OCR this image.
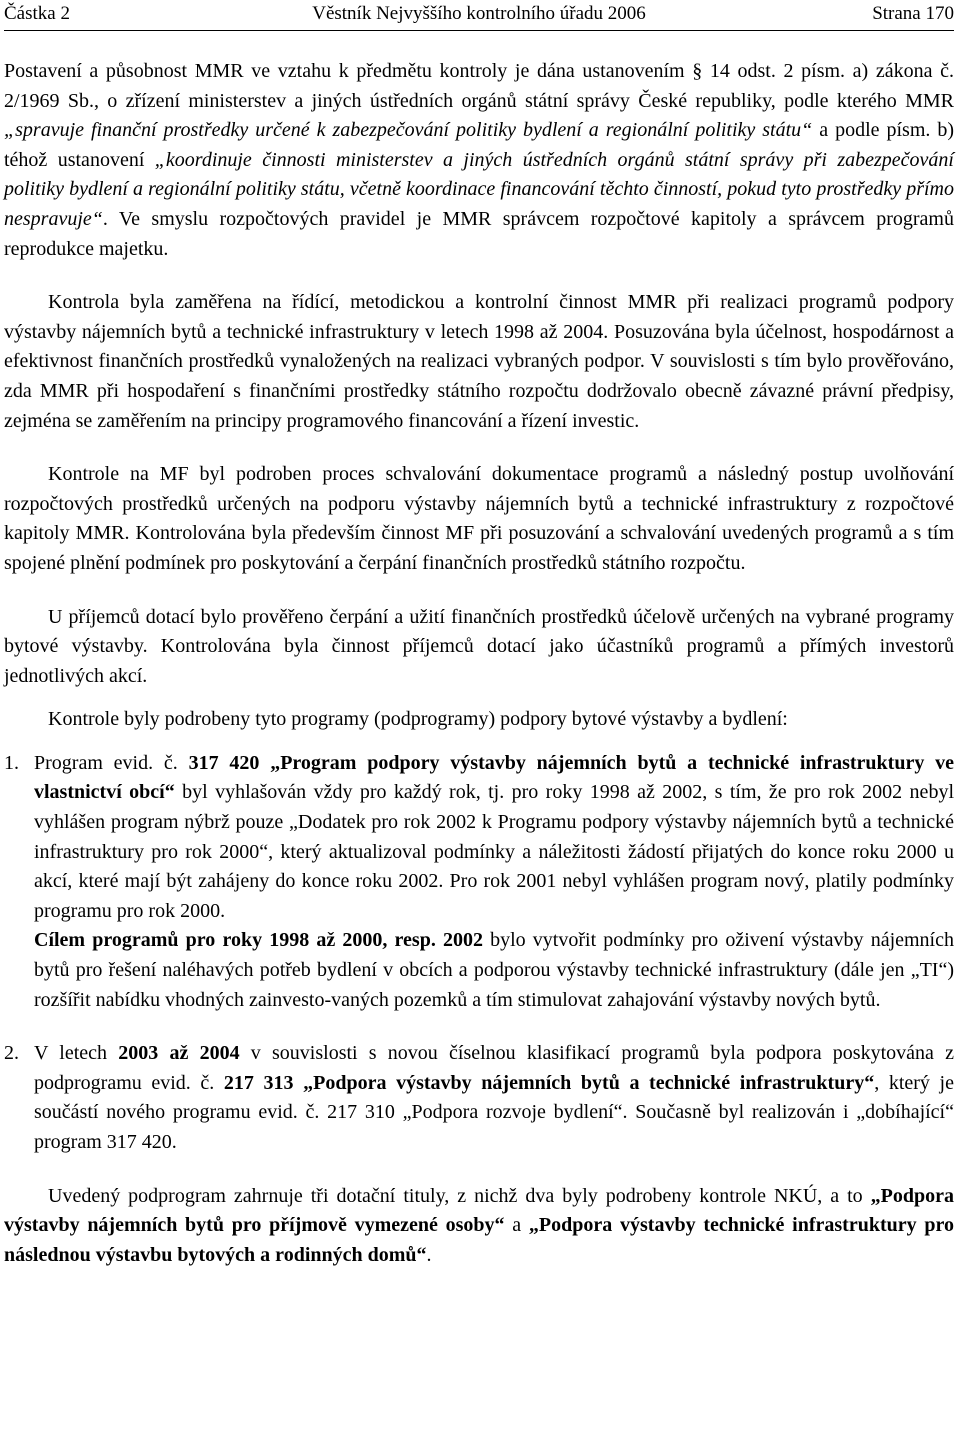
Částka 2	Věstník Nejvyššího kontrolního úřadu 2006	Strana 170

Postavení a působnost MMR ve vztahu k předmětu kontroly je dána ustanovením § 14 odst. 2 písm. a) zákona č. 2/1969 Sb., o zřízení ministerstev a jiných ústředních orgánů státní správy České republiky, podle kterého MMR „spravuje finanční prostředky určené k zabezpečování politiky bydlení a regionální politiky státu“ a podle písm. b) téhož ustanovení „koordinuje činnosti ministerstev a jiných ústředních orgánů státní správy při zabezpečování politiky bydlení a regionální politiky státu, včetně koordinace financování těchto činností, pokud tyto prostředky přímo nespravuje“. Ve smyslu rozpočtových pravidel je MMR správcem rozpočtové kapitoly a správcem programů reprodukce majetku.

Kontrola byla zaměřena na řídící, metodickou a kontrolní činnost MMR při realizaci programů podpory výstavby nájemních bytů a technické infrastruktury v letech 1998 až 2004. Posuzována byla účelnost, hospodárnost a efektivnost finančních prostředků vynaložených na realizaci vybraných podpor. V souvislosti s tím bylo prověřováno, zda MMR při hospodaření s finančními prostředky státního rozpočtu dodržovalo obecně závazné právní předpisy, zejména se zaměřením na principy programového financování a řízení investic.

Kontrole na MF byl podroben proces schvalování dokumentace programů a následný postup uvolňování rozpočtových prostředků určených na podporu výstavby nájemních bytů a technické infrastruktury z rozpočtové kapitoly MMR. Kontrolována byla především činnost MF při posuzování a schvalování uvedených programů a s tím spojené plnění podmínek pro poskytování a čerpání finančních prostředků státního rozpočtu.

U příjemců dotací bylo prověřeno čerpání a užití finančních prostředků účelově určených na vybrané programy bytové výstavby. Kontrolována byla činnost příjemců dotací jako účastníků programů a přímých investorů jednotlivých akcí.

Kontrole byly podrobeny tyto programy (podprogramy) podpory bytové výstavby a bydlení:

1. Program evid. č. 317 420 „Program podpory výstavby nájemních bytů a technické infrastruktury ve vlastnictví obcí“ byl vyhlašován vždy pro každý rok, tj. pro roky 1998 až 2002, s tím, že pro rok 2002 nebyl vyhlášen program nýbrž pouze „Dodatek pro rok 2002 k Programu podpory výstavby nájemních bytů a technické infrastruktury pro rok 2000“, který aktualizoval podmínky a náležitosti žádostí přijatých do konce roku 2000 u akcí, které mají být zahájeny do konce roku 2002. Pro rok 2001 nebyl vyhlášen program nový, platily podmínky programu pro rok 2000.

Cílem programů pro roky 1998 až 2000, resp. 2002 bylo vytvořit podmínky pro oživení výstavby nájemních bytů pro řešení naléhavých potřeb bydlení v obcích a podporou výstavby technické infrastruktury (dále jen „TI“) rozšířit nabídku vhodných zainvesto-vaných pozemků a tím stimulovat zahajování výstavby nových bytů.

2. V letech 2003 až 2004 v souvislosti s novou číselnou klasifikací programů byla podpora poskytována z podprogramu evid. č. 217 313 „Podpora výstavby nájemních bytů a technické infrastruktury“, který je součástí nového programu evid. č. 217 310 „Podpora rozvoje bydlení“. Současně byl realizován i „dobíhající“ program 317 420.

Uvedený podprogram zahrnuje tři dotační tituly, z nichž dva byly podrobeny kontrole NKÚ, a to „Podpora výstavby nájemních bytů pro příjmově vymezené osoby“ a „Podpora výstavby technické infrastruktury pro následnou výstavbu bytových a rodinných domů“.
